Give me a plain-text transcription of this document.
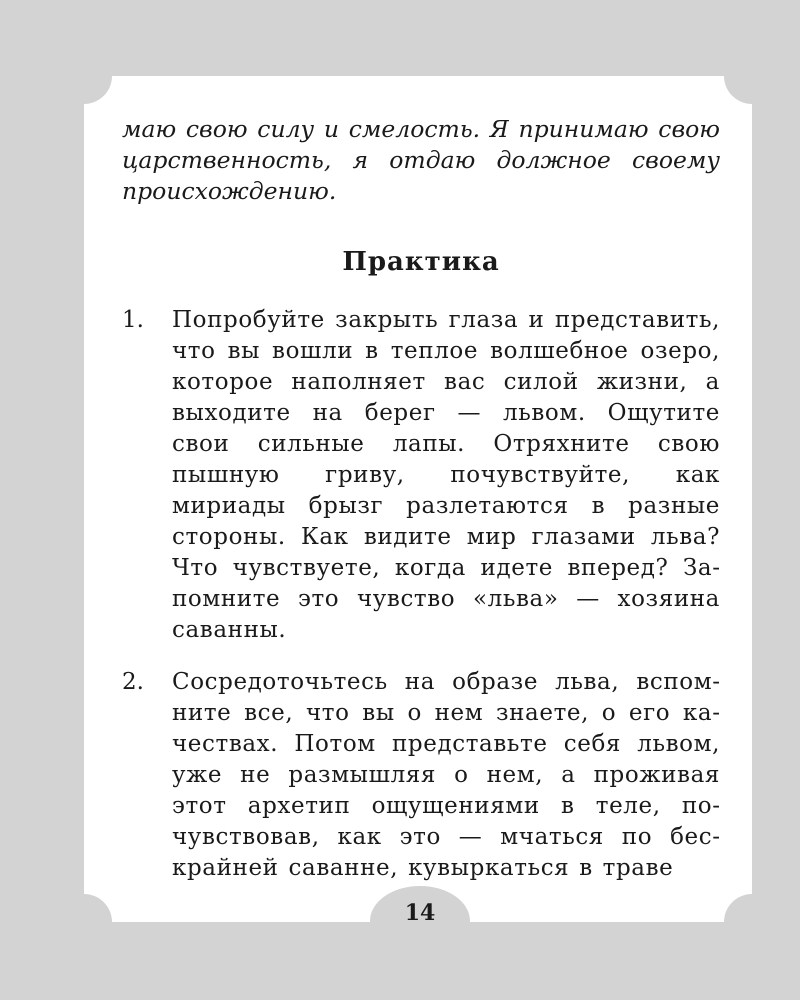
маю свою силу и смелость. Я принимаю свою царственность, я отдаю должное своему происхождению.

Практика
1. Попробуйте закрыть глаза и представить, что вы вошли в теплое волшебное озеро, которое наполняет вас силой жизни, а выходите на берег — львом. Ощутите свои сильные лапы. Отряхните свою пышную гриву, почувствуйте, как мириады брызг разлетаются в разные стороны. Как видите мир глазами льва? Что чувствуете, когда идете вперед? Запомните это чувство «льва» — хозяина саванны.

2. Сосредоточьтесь на образе льва, вспомните все, что вы о нем знаете, о его качествах. Потом представьте себя львом, уже не размышляя о нем, а проживая этот архетип ощущениями в теле, почувствовав, как это — мчаться по бескрайней саванне, кувыркаться в траве

14
